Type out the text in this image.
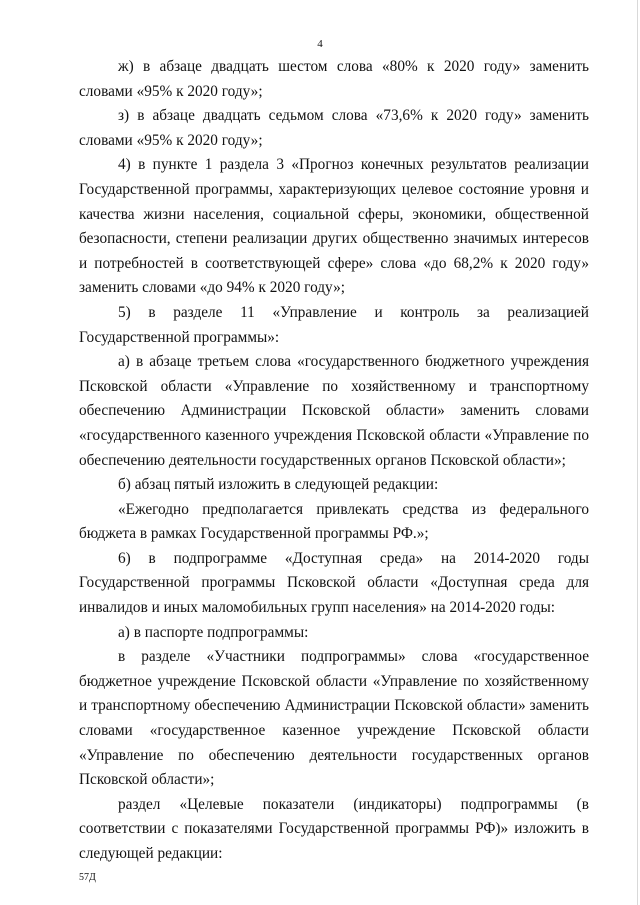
4

ж) в абзаце двадцать шестом слова «80% к 2020 году» заменить словами «95% к 2020 году»;

з) в абзаце двадцать седьмом слова «73,6% к 2020 году» заменить словами «95% к 2020 году»;

4) в пункте 1 раздела 3 «Прогноз конечных результатов реализации Государственной программы, характеризующих целевое состояние уровня и качества жизни населения, социальной сферы, экономики, общественной безопасности, степени реализации других общественно значимых интересов и потребностей в соответствующей сфере» слова «до 68,2% к 2020 году» заменить словами «до 94% к 2020 году»;

5) в разделе 11 «Управление и контроль за реализацией Государственной программы»:

а) в абзаце третьем слова «государственного бюджетного учреждения Псковской области «Управление по хозяйственному и транспортному обеспечению Администрации Псковской области» заменить словами «государственного казенного учреждения Псковской области «Управление по обеспечению деятельности государственных органов Псковской области»;

б) абзац пятый изложить в следующей редакции:

«Ежегодно предполагается привлекать средства из федерального бюджета в рамках Государственной программы РФ.»;

6) в подпрограмме «Доступная среда» на 2014-2020 годы Государственной программы Псковской области «Доступная среда для инвалидов и иных маломобильных групп населения» на 2014-2020 годы:

а) в паспорте подпрограммы:

в разделе «Участники подпрограммы» слова «государственное бюджетное учреждение Псковской области «Управление по хозяйственному и транспортному обеспечению Администрации Псковской области» заменить словами «государственное казенное учреждение Псковской области «Управление по обеспечению деятельности государственных органов Псковской области»;

раздел «Целевые показатели (индикаторы) подпрограммы (в соответствии с показателями Государственной программы РФ)» изложить в следующей редакции:

57Д
